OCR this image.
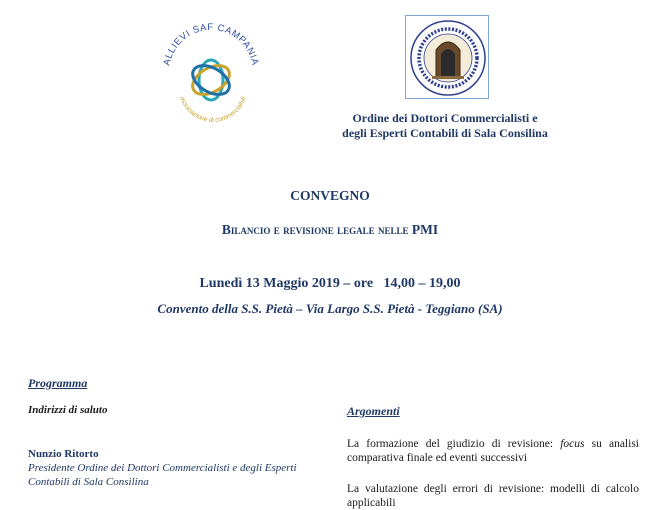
ALLIEVI SAF CAMPANIA
associazione di commercialisti
Ordine dei Dottori Commercialisti e
degli Esperti Contabili di Sala Consilina
CONVEGNO
Bilancio e revisione legale nelle PMI
Lunedì 13 Maggio 2019 – ore   14,00 – 19,00
Convento della S.S. Pietà – Via Largo S.S. Pietà - Teggiano (SA)
Programma
Indirizzi di saluto
Nunzio Ritorto
Presidente Ordine dei Dottori Commercialisti e degli Esperti Contabili di Sala Consilina
Argomenti
La formazione del giudizio di revisione: focus su analisi comparativa finale ed eventi successivi
La valutazione degli errori di revisione: modelli di calcolo applicabili
